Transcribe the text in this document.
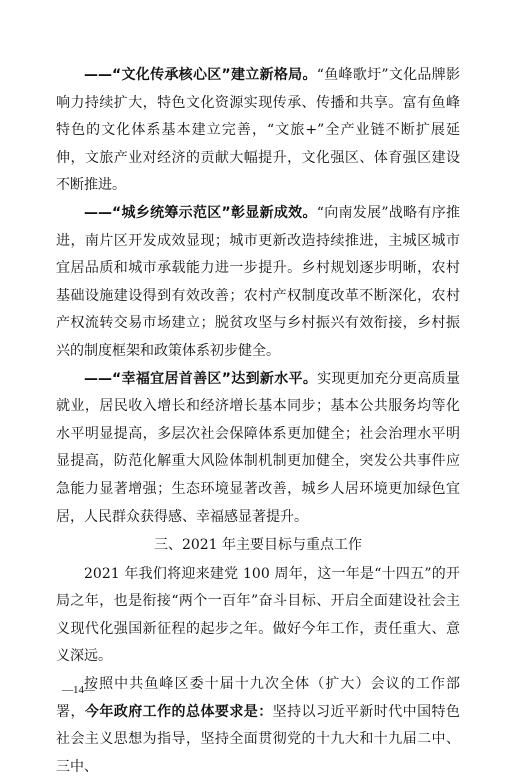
——“文化传承核心区”建立新格局。“鱼峰歌圩”文化品牌影响力持续扩大，特色文化资源实现传承、传播和共享。富有鱼峰特色的文化体系基本建立完善，“文旅+”全产业链不断扩展延伸，文旅产业对经济的贡献大幅提升，文化强区、体育强区建设不断推进。

——“城乡统筹示范区”彰显新成效。“向南发展”战略有序推进，南片区开发成效显现；城市更新改造持续推进，主城区城市宜居品质和城市承载能力进一步提升。乡村规划逐步明晰，农村基础设施建设得到有效改善；农村产权制度改革不断深化，农村产权流转交易市场建立；脱贫攻坚与乡村振兴有效衔接，乡村振兴的制度框架和政策体系初步健全。

——“幸福宜居首善区”达到新水平。实现更加充分更高质量就业，居民收入增长和经济增长基本同步；基本公共服务均等化水平明显提高，多层次社会保障体系更加健全；社会治理水平明显提高，防范化解重大风险体制机制更加健全，突发公共事件应急能力显著增强；生态环境显著改善，城乡人居环境更加绿色宜居，人民群众获得感、幸福感显著提升。

三、2021 年主要目标与重点工作

2021 年我们将迎来建党 100 周年，这一年是“十四五”的开局之年，也是衔接“两个一百年”奋斗目标、开启全面建设社会主义现代化强国新征程的起步之年。做好今年工作，责任重大、意义深远。

按照中共鱼峰区委十届十九次全体（扩大）会议的工作部署，今年政府工作的总体要求是：坚持以习近平新时代中国特色社会主义思想为指导，坚持全面贯彻党的十九大和十九届二中、三中、

—14—
